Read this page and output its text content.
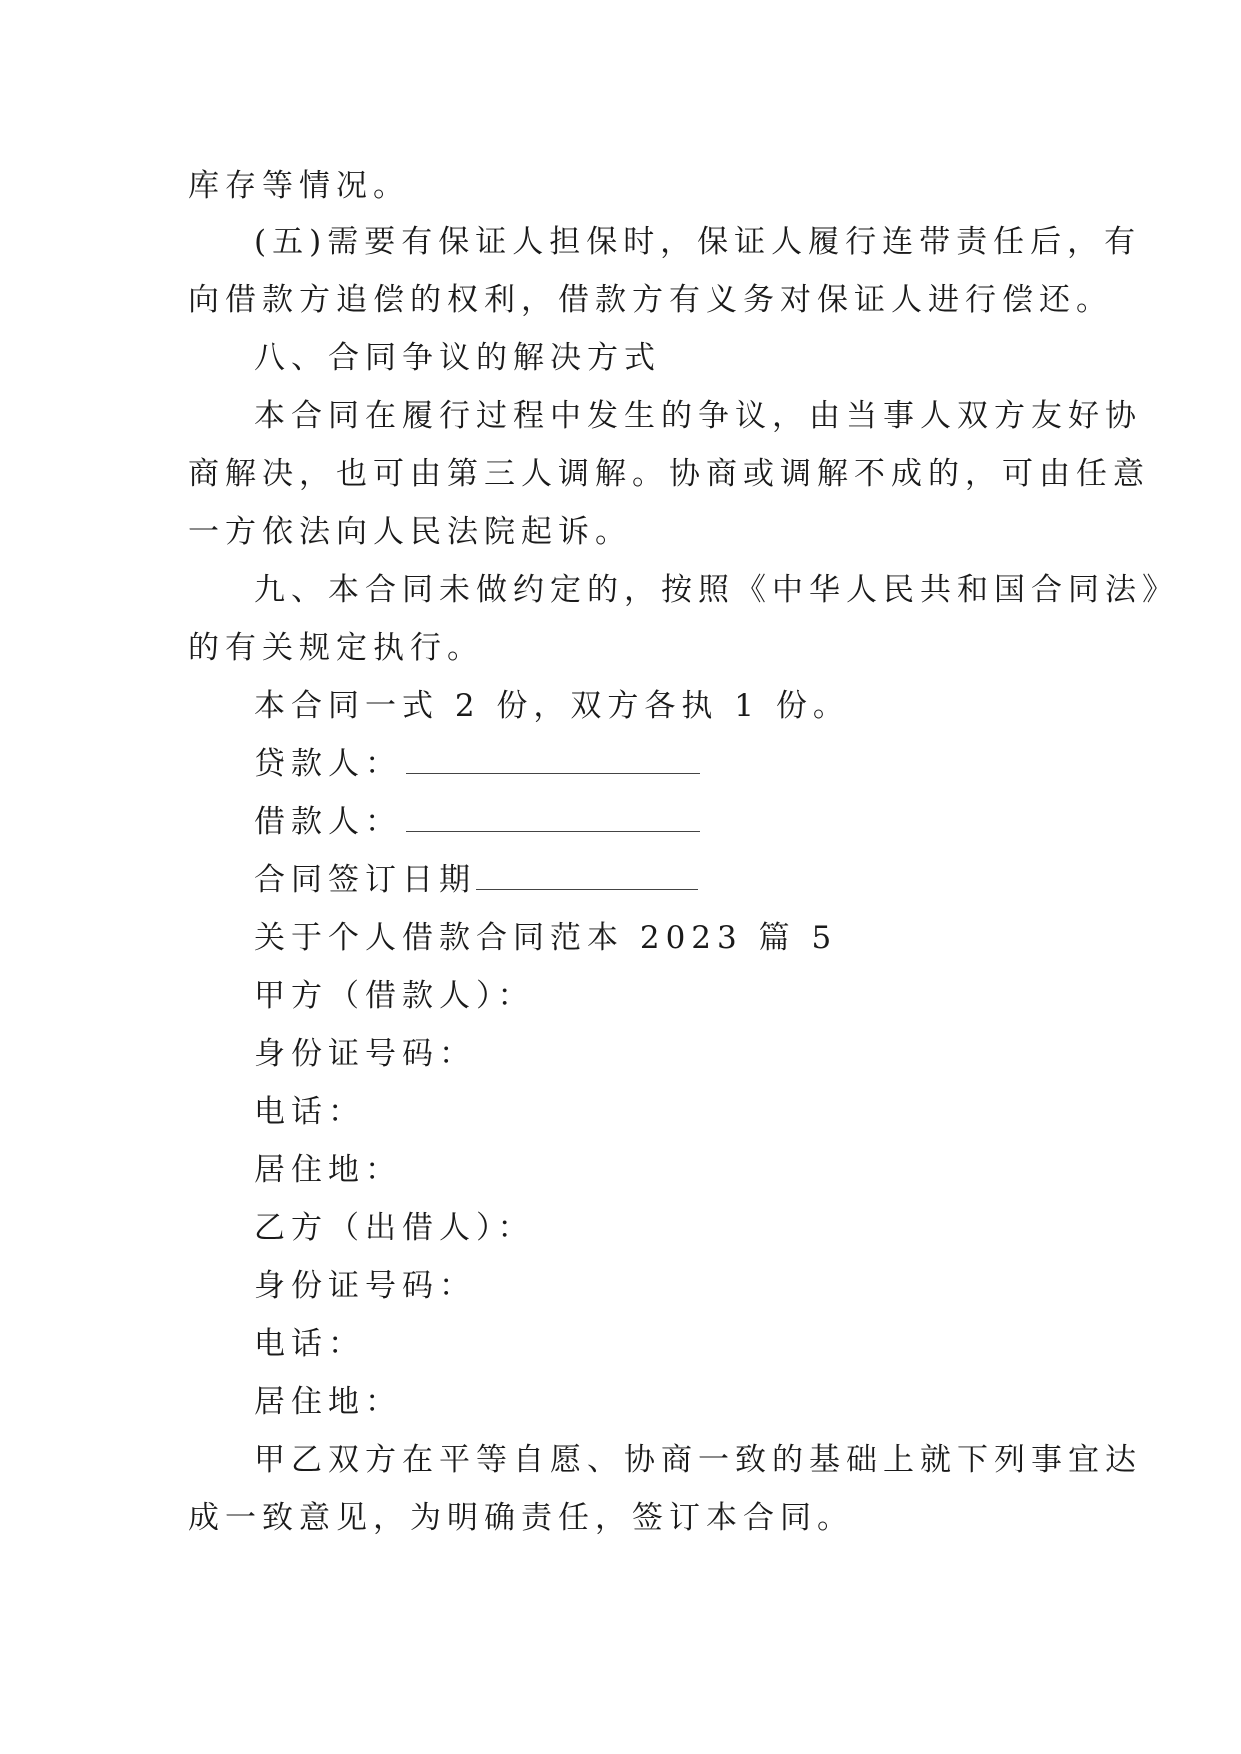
库存等情况。
(五)需要有保证人担保时，保证人履行连带责任后，有
向借款方追偿的权利，借款方有义务对保证人进行偿还。
八、合同争议的解决方式
本合同在履行过程中发生的争议，由当事人双方友好协
商解决，也可由第三人调解。协商或调解不成的，可由任意
一方依法向人民法院起诉。
九、本合同未做约定的，按照《中华人民共和国合同法》
的有关规定执行。
本合同一式 2 份，双方各执 1 份。
贷款人：
借款人：
合同签订日期
关于个人借款合同范本 2023 篇 5
甲方（借款人）：
身份证号码：
电话：
居住地：
乙方（出借人）：
身份证号码：
电话：
居住地：
甲乙双方在平等自愿、协商一致的基础上就下列事宜达
成一致意见，为明确责任，签订本合同。
